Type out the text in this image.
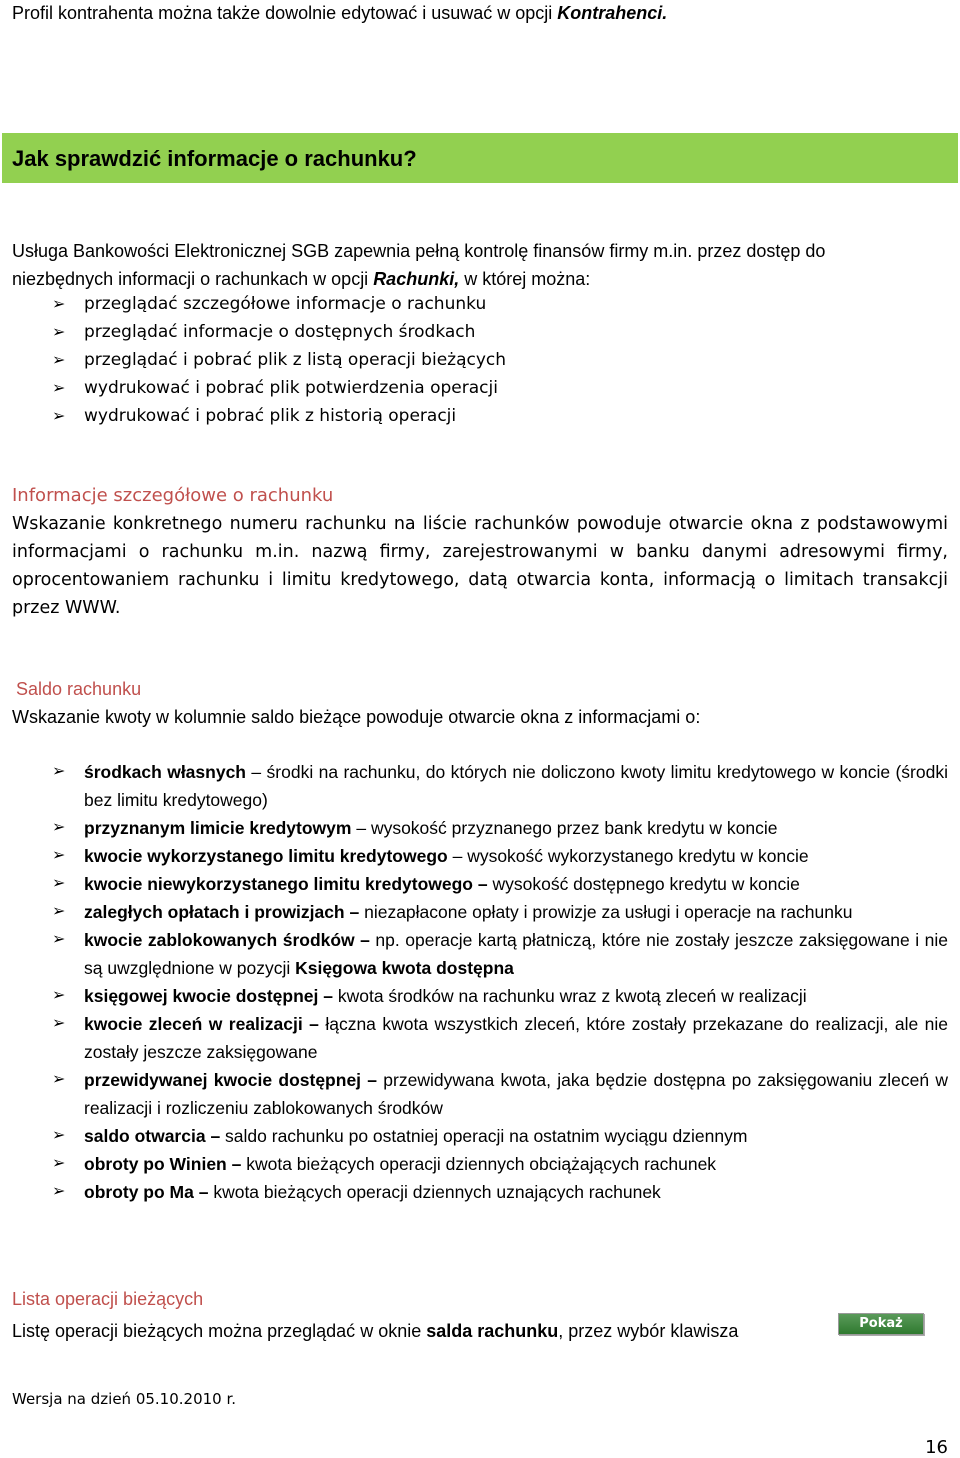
Profil kontrahenta można także dowolnie edytować i usuwać w opcji Kontrahenci.
Jak sprawdzić informacje o rachunku?
Usługa Bankowości Elektronicznej SGB zapewnia pełną kontrolę finansów firmy m.in. przez dostęp do
niezbędnych informacji o rachunkach w opcji Rachunki, w której można:
➢ przeglądać szczegółowe informacje o rachunku
➢ przeglądać informacje o dostępnych środkach
➢ przeglądać i pobrać plik z listą operacji bieżących
➢ wydrukować i pobrać plik potwierdzenia operacji
➢ wydrukować i pobrać plik z historią operacji
Informacje szczegółowe o rachunku
Wskazanie konkretnego numeru rachunku na liście rachunków powoduje otwarcie okna z podstawowymi informacjami o rachunku m.in. nazwą firmy, zarejestrowanymi w banku danymi adresowymi firmy, oprocentowaniem rachunku i limitu kredytowego, datą otwarcia konta, informacją o limitach transakcji przez WWW.
Saldo rachunku
Wskazanie kwoty w kolumnie saldo bieżące powoduje otwarcie okna z informacjami o:
➢ środkach własnych – środki na rachunku, do których nie doliczono kwoty limitu kredytowego w koncie (środki bez limitu kredytowego)
➢ przyznanym limicie kredytowym – wysokość przyznanego przez bank kredytu w koncie
➢ kwocie wykorzystanego limitu kredytowego – wysokość wykorzystanego kredytu w koncie
➢ kwocie niewykorzystanego limitu kredytowego – wysokość dostępnego kredytu w koncie
➢ zaległych opłatach i prowizjach – niezapłacone opłaty i prowizje za usługi i operacje na rachunku
➢ kwocie zablokowanych środków – np. operacje kartą płatniczą, które nie zostały jeszcze zaksięgowane i nie są uwzględnione w pozycji Księgowa kwota dostępna
➢ księgowej kwocie dostępnej – kwota środków na rachunku wraz z kwotą zleceń w realizacji
➢ kwocie zleceń w realizacji – łączna kwota wszystkich zleceń, które zostały przekazane do realizacji, ale nie zostały jeszcze zaksięgowane
➢ przewidywanej kwocie dostępnej – przewidywana kwota, jaka będzie dostępna po zaksięgowaniu zleceń w realizacji i rozliczeniu zablokowanych środków
➢ saldo otwarcia – saldo rachunku po ostatniej operacji na ostatnim wyciągu dziennym
➢ obroty po Winien – kwota bieżących operacji dziennych obciążających rachunek
➢ obroty po Ma – kwota bieżących operacji dziennych uznających rachunek
Lista operacji bieżących
Listę operacji bieżących można przeglądać w oknie salda rachunku, przez wybór klawisza	Pokaż
Wersja na dzień 05.10.2010 r.
16
